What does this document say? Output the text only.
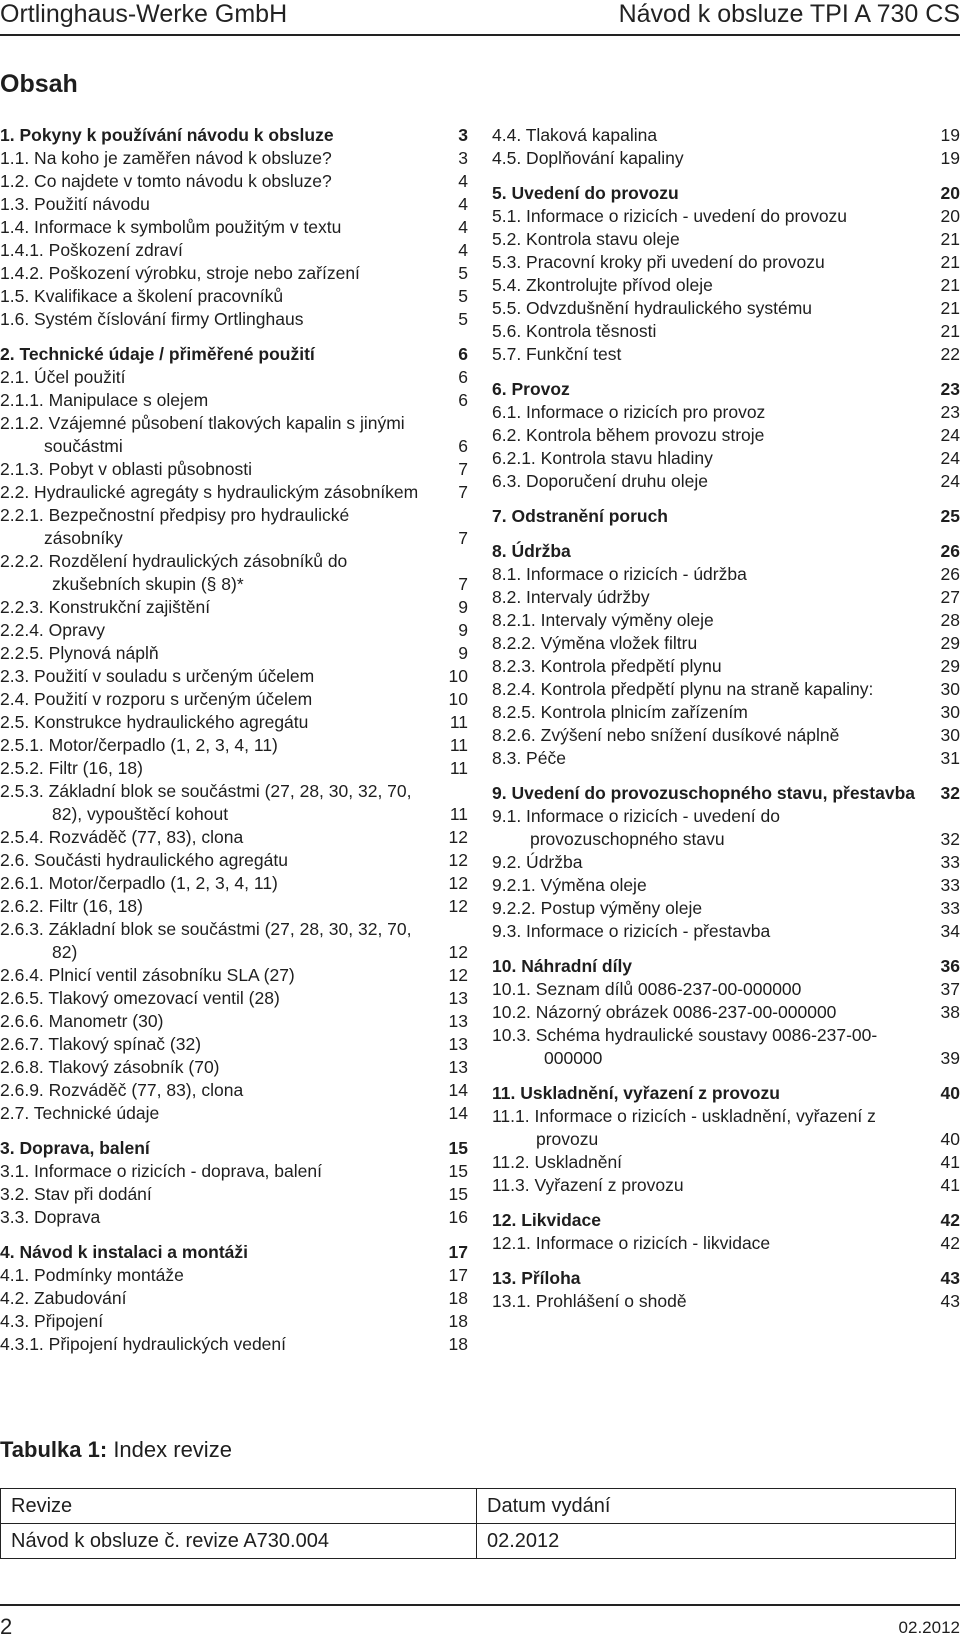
Ortlinghaus-Werke GmbH	Návod k obsluze TPI A 730 CS
Obsah
1. Pokyny k používání návodu k obsluze	3
1.1. Na koho je zaměřen návod k obsluze?	3
1.2. Co najdete v tomto návodu k obsluze?	4
1.3. Použití návodu	4
1.4. Informace k symbolům použitým v textu	4
1.4.1. Poškození zdraví	4
1.4.2. Poškození výrobku, stroje nebo zařízení	5
1.5. Kvalifikace a školení pracovníků	5
1.6. Systém číslování firmy Ortlinghaus	5
2. Technické údaje / přiměřené použití	6
2.1. Účel použití	6
2.1.1. Manipulace s olejem	6
2.1.2. Vzájemné působení tlakových kapalin s jinými součástmi	6
2.1.3. Pobyt v oblasti působnosti	7
2.2. Hydraulické agregáty s hydraulickým zásobníkem	7
2.2.1. Bezpečnostní předpisy pro hydraulické zásobníky	7
2.2.2. Rozdělení hydraulických zásobníků do zkušebních skupin (§ 8)*	7
2.2.3. Konstrukční zajištění	9
2.2.4. Opravy	9
2.2.5. Plynová náplň	9
2.3. Použití v souladu s určeným účelem	10
2.4. Použití v rozporu s určeným účelem	10
2.5. Konstrukce hydraulického agregátu	11
2.5.1. Motor/čerpadlo (1, 2, 3, 4, 11)	11
2.5.2. Filtr (16, 18)	11
2.5.3. Základní blok se součástmi (27, 28, 30, 32, 70, 82), vypouštěcí kohout	11
2.5.4. Rozváděč (77, 83), clona	12
2.6. Součásti hydraulického agregátu	12
2.6.1. Motor/čerpadlo (1, 2, 3, 4, 11)	12
2.6.2. Filtr (16, 18)	12
2.6.3. Základní blok se součástmi (27, 28, 30, 32, 70, 82)	12
2.6.4. Plnicí ventil zásobníku SLA (27)	12
2.6.5. Tlakový omezovací ventil (28)	13
2.6.6. Manometr (30)	13
2.6.7. Tlakový spínač (32)	13
2.6.8. Tlakový zásobník (70)	13
2.6.9. Rozváděč (77, 83), clona	14
2.7. Technické údaje	14
3. Doprava, balení	15
3.1. Informace o rizicích - doprava, balení	15
3.2. Stav při dodání	15
3.3. Doprava	16
4. Návod k instalaci a montáži	17
4.1. Podmínky montáže	17
4.2. Zabudování	18
4.3. Připojení	18
4.3.1. Připojení hydraulických vedení	18
4.4. Tlaková kapalina	19
4.5. Doplňování kapaliny	19
5. Uvedení do provozu	20
5.1. Informace o rizicích - uvedení do provozu	20
5.2. Kontrola stavu oleje	21
5.3. Pracovní kroky při uvedení do provozu	21
5.4. Zkontrolujte přívod oleje	21
5.5. Odvzdušnění hydraulického systému	21
5.6. Kontrola těsnosti	21
5.7. Funkční test	22
6. Provoz	23
6.1. Informace o rizicích pro provoz	23
6.2. Kontrola během provozu stroje	24
6.2.1. Kontrola stavu hladiny	24
6.3. Doporučení druhu oleje	24
7. Odstranění poruch	25
8. Údržba	26
8.1. Informace o rizicích - údržba	26
8.2. Intervaly údržby	27
8.2.1. Intervaly výměny oleje	28
8.2.2. Výměna vložek filtru	29
8.2.3. Kontrola předpětí plynu	29
8.2.4. Kontrola předpětí plynu na straně kapaliny:	30
8.2.5. Kontrola plnicím zařízením	30
8.2.6. Zvýšení nebo snížení dusíkové náplně	30
8.3. Péče	31
9. Uvedení do provozuschopného stavu, přestavba 32
9.1. Informace o rizicích - uvedení do provozuschopného stavu	32
9.2. Údržba	33
9.2.1. Výměna oleje	33
9.2.2. Postup výměny oleje	33
9.3. Informace o rizicích - přestavba	34
10. Náhradní díly	36
10.1. Seznam dílů 0086-237-00-000000	37
10.2. Názorný obrázek 0086-237-00-000000	38
10.3. Schéma hydraulické soustavy 0086-237-00-000000	39
11. Uskladnění, vyřazení z provozu	40
11.1. Informace o rizicích - uskladnění, vyřazení z provozu	40
11.2. Uskladnění	41
11.3. Vyřazení z provozu	41
12. Likvidace	42
12.1. Informace o rizicích - likvidace	42
13. Příloha	43
13.1. Prohlášení o shodě	43
Tabulka 1: Index revize
Revize	Datum vydání
Návod k obsluze č. revize A730.004	02.2012
2	02.2012
